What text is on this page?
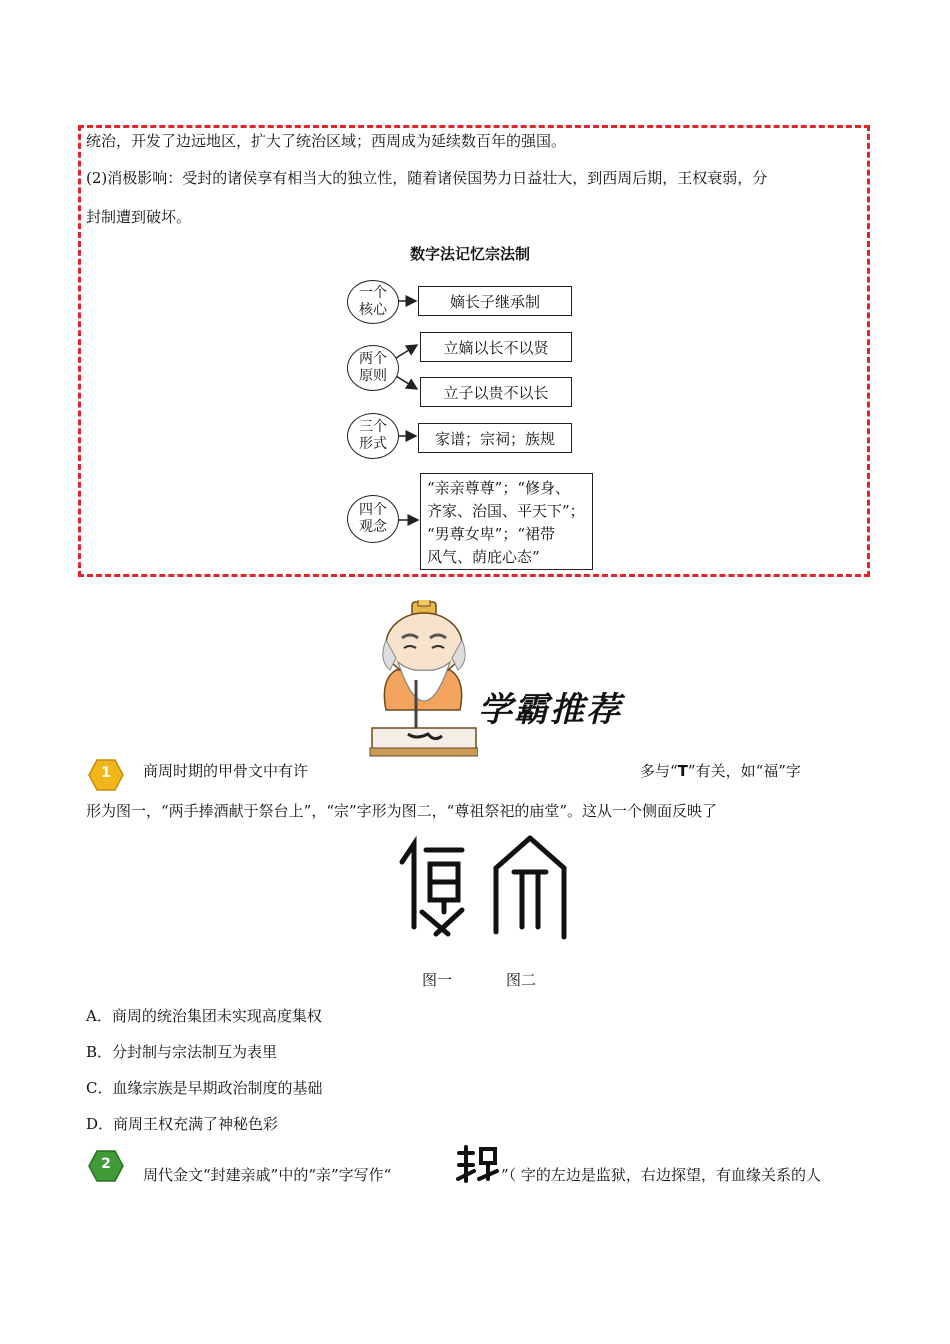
统治，开发了边远地区，扩大了统治区域；西周成为延续数百年的强国。
(2)消极影响：受封的诸侯享有相当大的独立性，随着诸侯国势力日益壮大，到西周后期，王权衰弱，分
封制遭到破坏。
数字法记忆宗法制
一个
核心	嫡长子继承制
两个
原则
立嫡以长不以贤
立子以贵不以长
三个
形式	家谱；宗祠；族规
四个
观念
“亲亲尊尊”；“修身、
齐家、治国、平天下”；
“男尊女卑”；“裙带
风气、荫庇心态”
学霸推荐
1	商周时期的甲骨文中有许	多与“T”有关，如“福”字
形为图一，“两手捧酒献于祭台上”，“宗”字形为图二，“尊祖祭祀的庙堂”。这从一个侧面反映了
图一	图二
A．商周的统治集团未实现高度集权
B．分封制与宗法制互为表里
C．血缘宗族是早期政治制度的基础
D．商周王权充满了神秘色彩
2
周代金文“封建亲戚”中的“亲”字写作“	”（ 字的左边是监狱，右边探望，有血缘关系的人
